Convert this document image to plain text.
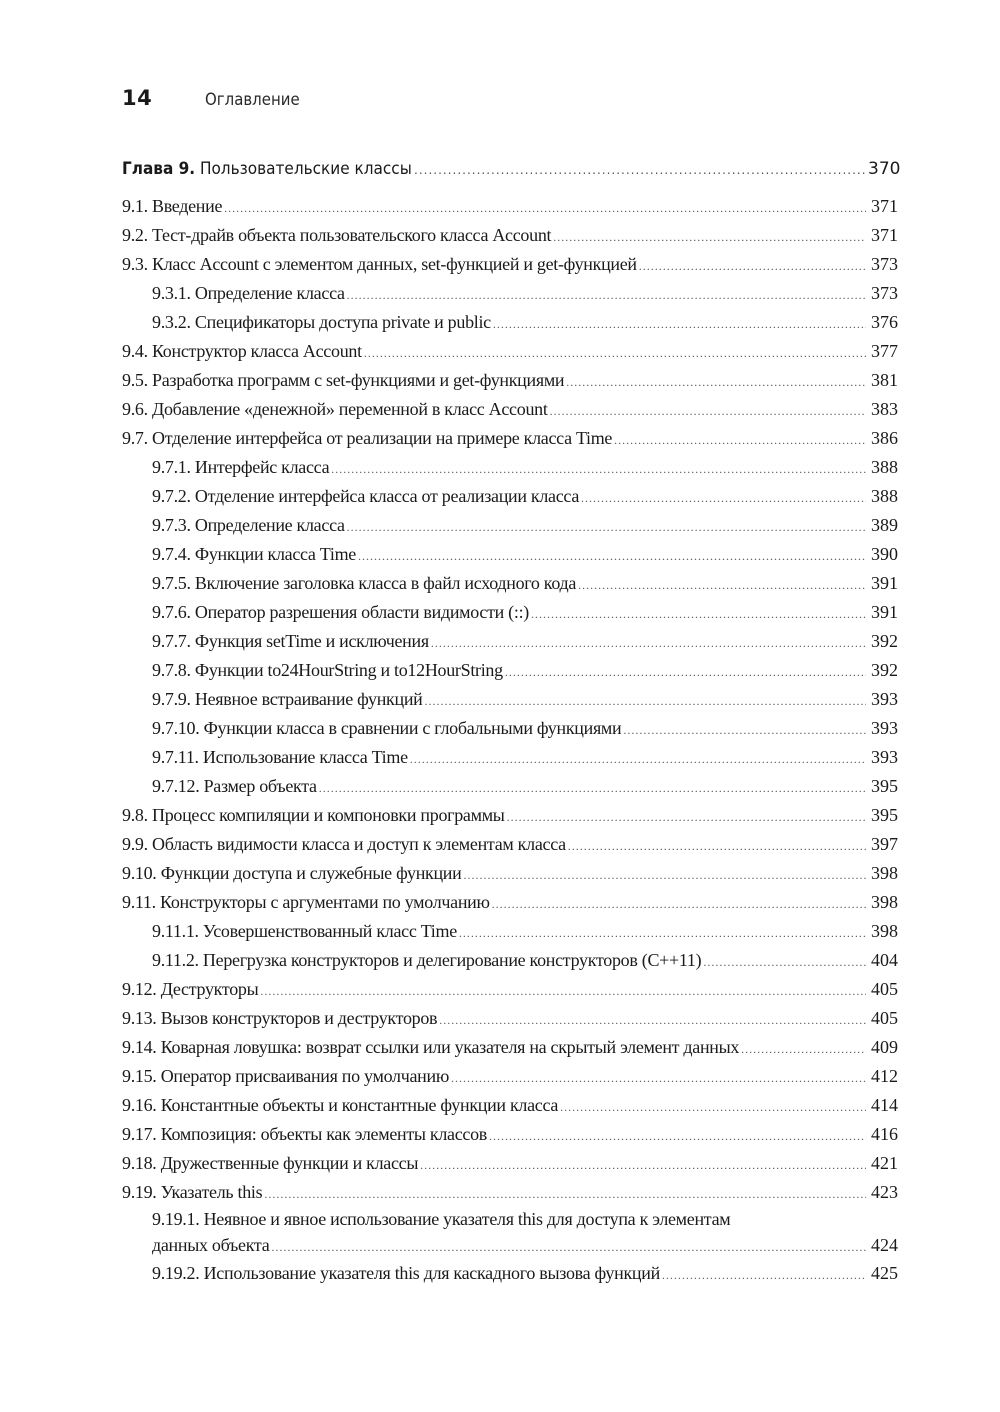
14	Оглавление
Глава 9. Пользовательские классы .....	370
9.1. Введение .....	371
9.2. Тест-драйв объекта пользовательского класса Account .....	371
9.3. Класс Account с элементом данных, set-функцией и get-функцией .....	373
9.3.1. Определение класса .....	373
9.3.2. Спецификаторы доступа private и public .....	376
9.4. Конструктор класса Account .....	377
9.5. Разработка программ с set-функциями и get-функциями .....	381
9.6. Добавление «денежной» переменной в класс Account .....	383
9.7. Отделение интерфейса от реализации на примере класса Time .....	386
9.7.1. Интерфейс класса .....	388
9.7.2. Отделение интерфейса класса от реализации класса .....	388
9.7.3. Определение класса .....	389
9.7.4. Функции класса Time .....	390
9.7.5. Включение заголовка класса в файл исходного кода .....	391
9.7.6. Оператор разрешения области видимости (::) .....	391
9.7.7. Функция setTime и исключения .....	392
9.7.8. Функции to24HourString и to12HourString .....	392
9.7.9. Неявное встраивание функций .....	393
9.7.10. Функции класса в сравнении с глобальными функциями .....	393
9.7.11. Использование класса Time .....	393
9.7.12. Размер объекта .....	395
9.8. Процесс компиляции и компоновки программы .....	395
9.9. Область видимости класса и доступ к элементам класса .....	397
9.10. Функции доступа и служебные функции .....	398
9.11. Конструкторы с аргументами по умолчанию .....	398
9.11.1. Усовершенствованный класс Time .....	398
9.11.2. Перегрузка конструкторов и делегирование конструкторов (C++11) .....	404
9.12. Деструкторы .....	405
9.13. Вызов конструкторов и деструкторов .....	405
9.14. Коварная ловушка: возврат ссылки или указателя на скрытый элемент данных .....	409
9.15. Оператор присваивания по умолчанию .....	412
9.16. Константные объекты и константные функции класса .....	414
9.17. Композиция: объекты как элементы классов .....	416
9.18. Дружественные функции и классы .....	421
9.19. Указатель this .....	423
9.19.1. Неявное и явное использование указателя this для доступа к элементам
данных объекта .....	424
9.19.2. Использование указателя this для каскадного вызова функций .....	425
